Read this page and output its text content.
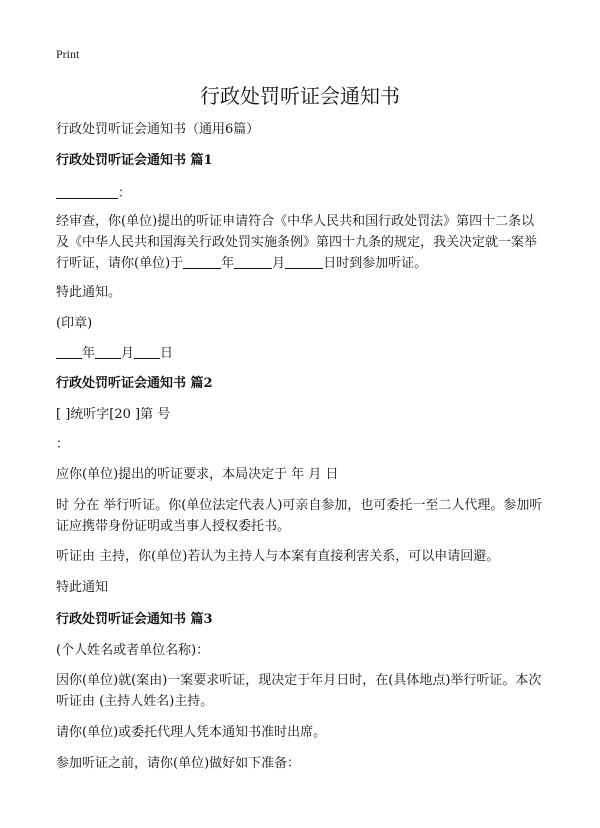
Print
行政处罚听证会通知书
行政处罚听证会通知书（通用6篇）
行政处罚听证会通知书 篇1
：
经审查，你(单位)提出的听证申请符合《中华人民共和国行政处罚法》第四十二条以及《中华人民共和国海关行政处罚实施条例》第四十九条的规定，我关决定就一案举行听证，请你(单位)于	年	月	日时到参加听证。
特此通知。
(印章)
年 月 日
行政处罚听证会通知书 篇2
[ ]统听字[20 ]第 号
：
应你(单位)提出的听证要求，本局决定于 年 月 日
时 分在 举行听证。你(单位法定代表人)可亲自参加，也可委托一至二人代理。参加听证应携带身份证明或当事人授权委托书。
听证由 主持，你(单位)若认为主持人与本案有直接利害关系，可以申请回避。
特此通知
行政处罚听证会通知书 篇3
(个人姓名或者单位名称)：
因你(单位)就(案由)一案要求听证，现决定于年月日时，在(具体地点)举行听证。本次听证由 (主持人姓名)主持。
请你(单位)或委托代理人凭本通知书准时出席。
参加听证之前，请你(单位)做好如下准备：
